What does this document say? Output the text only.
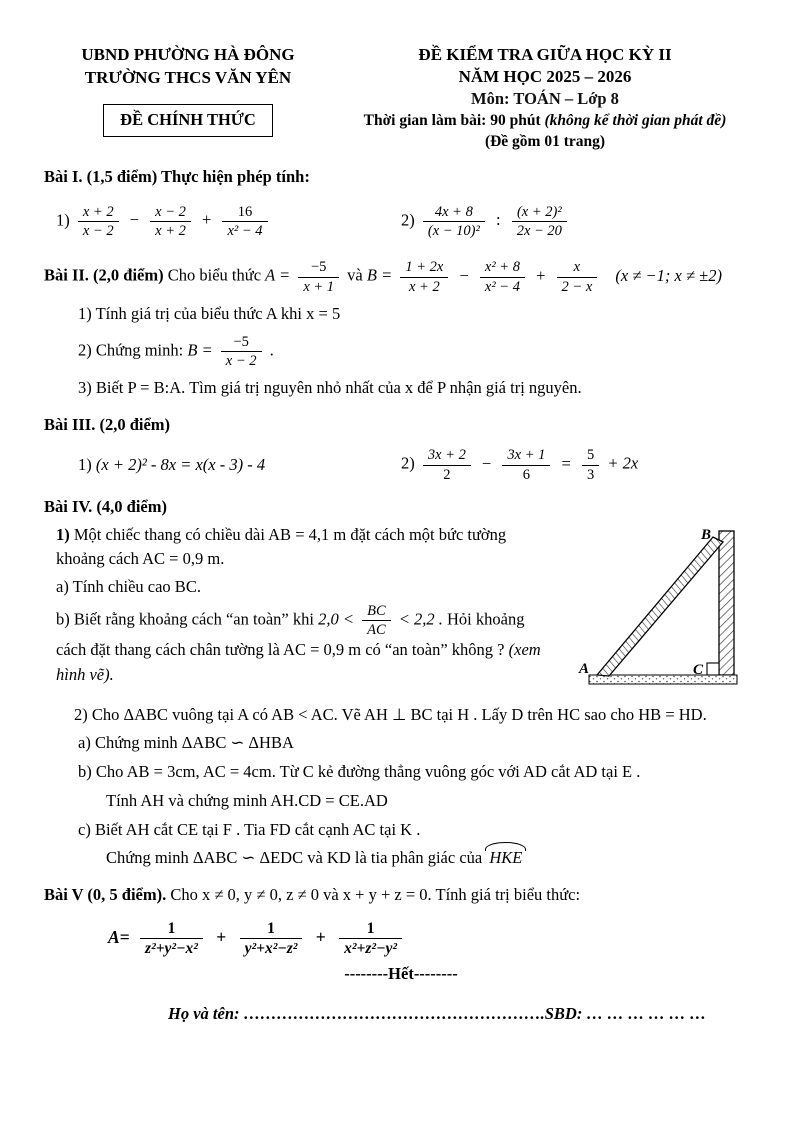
UBND PHƯỜNG HÀ ĐÔNG
TRƯỜNG THCS VĂN YÊN
ĐỀ CHÍNH THỨC
ĐỀ KIỂM TRA GIỮA HỌC KỲ II
NĂM HỌC 2025 – 2026
Môn: TOÁN – Lớp 8
Thời gian làm bài: 90 phút (không kể thời gian phát đề)
(Đề gồm 01 trang)
Bài I. (1,5 điểm) Thực hiện phép tính:
$1) \frac{x + 2}{x - 2} - \frac{x - 2}{x + 2} + \frac{16}{\text{x² − 4}}$	$2) \frac{4x + 8}{\text{(x − 10)²}}$ : $\frac{\text{(x + 2)²}}{2x - 20}$
Bài II. (2,0 điểm) Cho biểu thức $A = \frac{-5}{x + 1}$ và $B = \frac{1 + 2x}{x + 2} - \frac{\text{x² + 8}}{\text{x² − 4}} + \frac{x}{2 - x} (x \ne -1$; x ≠ ±2)
1) Tính giá trị của biểu thức A khi x = 5
2) Chứng minh: $B = \frac{-5}{x - 2}$ .
3) Biết P = B:A. Tìm giá trị nguyên nhỏ nhất của x để P nhận giá trị nguyên.
Bài III. (2,0 điểm)
1) (x + 2)² - 8x = x(x - 3) - 4	$2) \frac{3x + 2}{2} - \frac{3x + 1}{6} = \frac{5}{3} + 2x$
Bài IV. (4,0 điểm)
B
A	C

1) Một chiếc thang có chiều dài AB = 4,1 m đặt cách một bức tường khoảng cách AC = 0,9 m.

a) Tính chiều cao BC.

b) Biết rằng khoảng cách “an toàn” khi $2,0 < \frac{BC}{AC} < 2,2$ . Hỏi khoảng cách đặt thang cách chân tường là AC = 0,9 m có “an toàn” không ? (xem hình vẽ).

2) Cho ΔABC vuông tại A có AB < AC. Vẽ AH ⊥ BC tại H . Lấy D trên HC sao cho HB = HD.

a) Chứng minh ΔABC ∽ ΔHBA

b) Cho AB = 3cm, AC = 4cm. Từ C kẻ đường thẳng vuông góc với AD cắt AD tại E .

Tính AH và chứng minh AH.CD = CE.AD

c) Biết AH cắt CE tại F . Tia FD cắt cạnh AC tại K .

Chứng minh ΔABC ∽ ΔEDC và KD là tia phân giác của HKE

Bài V (0, 5 điểm). Cho x ≠ 0, y ≠ 0, z ≠ 0 và x + y + z = 0. Tính giá trị biểu thức:

$A= \frac{1}{\text{z²+y²−x²}} + \frac{1}{\text{y²+x²−z²}} + \frac{1}{\text{x²+z²−y²}}$
--------Hết--------
Họ và tên: ……………………………………………….SBD: … … … … … …
